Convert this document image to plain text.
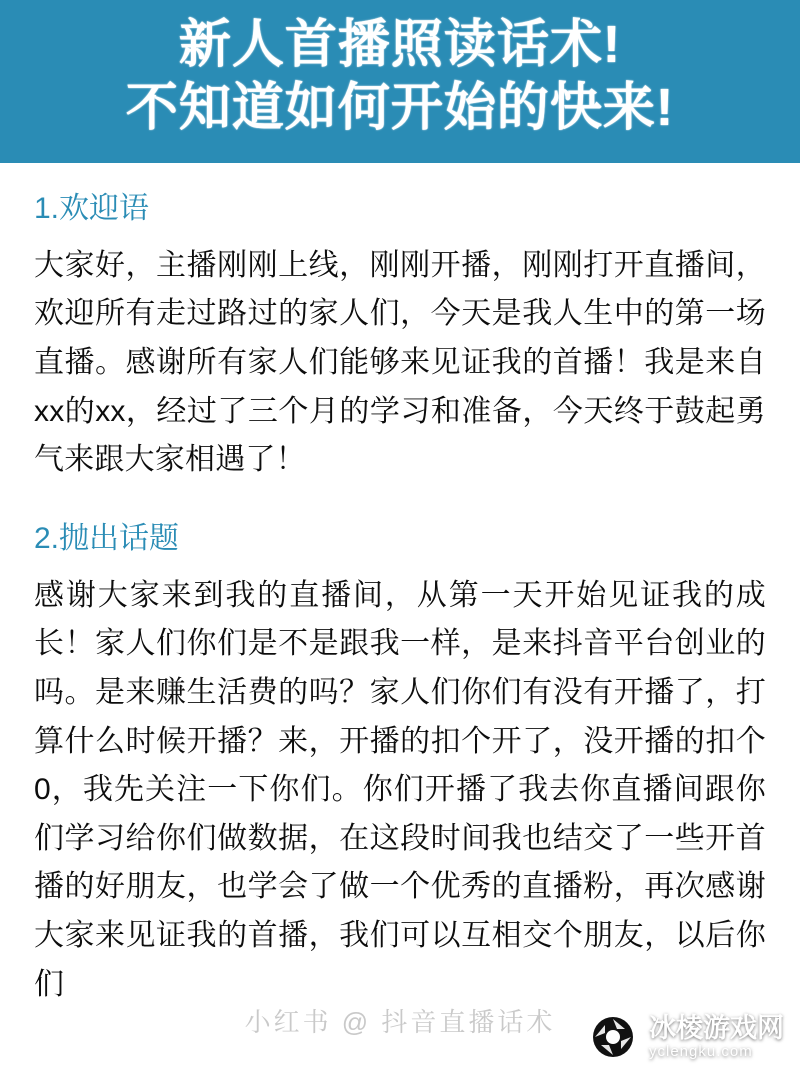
新人首播照读话术!
不知道如何开始的快来!
1.欢迎语

大家好，主播刚刚上线，刚刚开播，刚刚打开直播间，欢迎所有走过路过的家人们，今天是我人生中的第一场直播。感谢所有家人们能够来见证我的首播！我是来自xx的xx，经过了三个月的学习和准备，今天终于鼓起勇气来跟大家相遇了！

2.抛出话题

感谢大家来到我的直播间，从第一天开始见证我的成长！家人们你们是不是跟我一样，是来抖音平台创业的吗。是来赚生活费的吗？家人们你们有没有开播了，打算什么时候开播？来，开播的扣个开了，没开播的扣个0，我先关注一下你们。你们开播了我去你直播间跟你们学习给你们做数据，在这段时间我也结交了一些开首播的好朋友，也学会了做一个优秀的直播粉，再次感谢大家来见证我的首播，我们可以互相交个朋友，以后你们

小红书 @ 抖音直播话术	冰棱游戏网
yclengku.com
